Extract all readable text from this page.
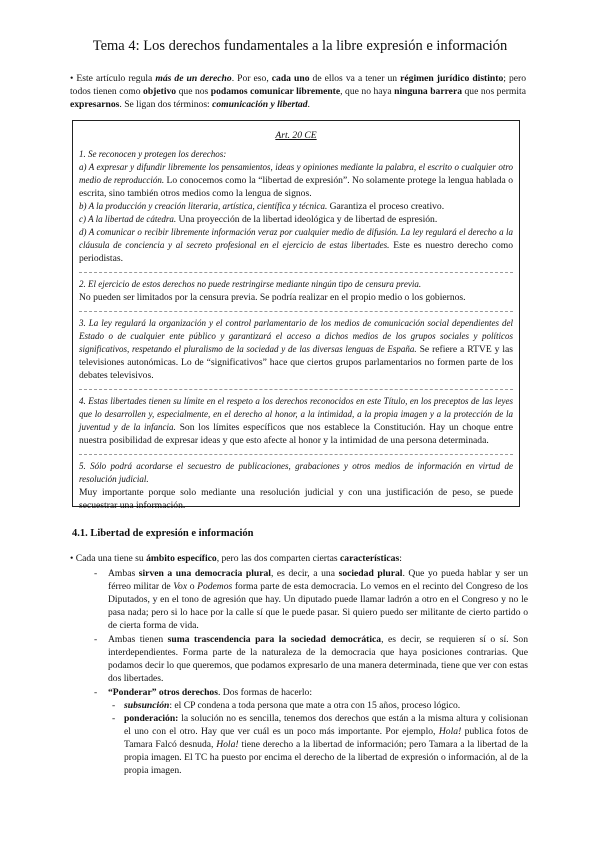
Tema 4: Los derechos fundamentales a la libre expresión e información
• Este artículo regula más de un derecho. Por eso, cada uno de ellos va a tener un régimen jurídico distinto; pero todos tienen como objetivo que nos podamos comunicar libremente, que no haya ninguna barrera que nos permita expresarnos. Se ligan dos términos: comunicación y libertad.
Art. 20 CE
1. Se reconocen y protegen los derechos:
a) A expresar y difundir libremente los pensamientos, ideas y opiniones mediante la palabra, el escrito o cualquier otro medio de reproducción. Lo conocemos como la “libertad de expresión”. No solamente protege la lengua hablada o escrita, sino también otros medios como la lengua de signos.
b) A la producción y creación literaria, artística, científica y técnica. Garantiza el proceso creativo.
c) A la libertad de cátedra. Una proyección de la libertad ideológica y de libertad de espresión.
d) A comunicar o recibir libremente información veraz por cualquier medio de difusión. La ley regulará el derecho a la cláusula de conciencia y al secreto profesional en el ejercicio de estas libertades. Este es nuestro derecho como periodistas.
2. El ejercicio de estos derechos no puede restringirse mediante ningún tipo de censura previa.
No pueden ser limitados por la censura previa. Se podría realizar en el propio medio o los gobiernos.
3. La ley regulará la organización y el control parlamentario de los medios de comunicación social dependientes del Estado o de cualquier ente público y garantizará el acceso a dichos medios de los grupos sociales y políticos significativos, respetando el pluralismo de la sociedad y de las diversas lenguas de España. Se refiere a RTVE y las televisiones autonómicas. Lo de “significativos” hace que ciertos grupos parlamentarios no formen parte de los debates televisivos.
4. Estas libertades tienen su límite en el respeto a los derechos reconocidos en este Título, en los preceptos de las leyes que lo desarrollen y, especialmente, en el derecho al honor, a la intimidad, a la propia imagen y a la protección de la juventud y de la infancia. Son los límites específicos que nos establece la Constitución. Hay un choque entre nuestra posibilidad de expresar ideas y que esto afecte al honor y la intimidad de una persona determinada.
5. Sólo podrá acordarse el secuestro de publicaciones, grabaciones y otros medios de información en virtud de resolución judicial.
Muy importante porque solo mediante una resolución judicial y con una justificación de peso, se puede secuestrar una información.
4.1. Libertad de expresión e información
• Cada una tiene su ámbito específico, pero las dos comparten ciertas características:
- Ambas sirven a una democracia plural, es decir, a una sociedad plural. Que yo pueda hablar y ser un férreo militar de Vox o Podemos forma parte de esta democracia. Lo vemos en el recinto del Congreso de los Diputados, y en el tono de agresión que hay. Un diputado puede llamar ladrón a otro en el Congreso y no le pasa nada; pero si lo hace por la calle sí que le puede pasar. Si quiero puedo ser militante de cierto partido o de cierta forma de vida.
- Ambas tienen suma trascendencia para la sociedad democrática, es decir, se requieren sí o sí. Son interdependientes. Forma parte de la naturaleza de la democracia que haya posiciones contrarias. Que podamos decir lo que queremos, que podamos expresarlo de una manera determinada, tiene que ver con estas dos libertades.
- “Ponderar” otros derechos. Dos formas de hacerlo:
- subsunción: el CP condena a toda persona que mate a otra con 15 años, proceso lógico.
- ponderación: la solución no es sencilla, tenemos dos derechos que están a la misma altura y colisionan el uno con el otro. Hay que ver cuál es un poco más importante. Por ejemplo, Hola! publica fotos de Tamara Falcó desnuda, Hola! tiene derecho a la libertad de información; pero Tamara a la libertad de la propia imagen. El TC ha puesto por encima el derecho de la libertad de expresión o información, al de la propia imagen.
